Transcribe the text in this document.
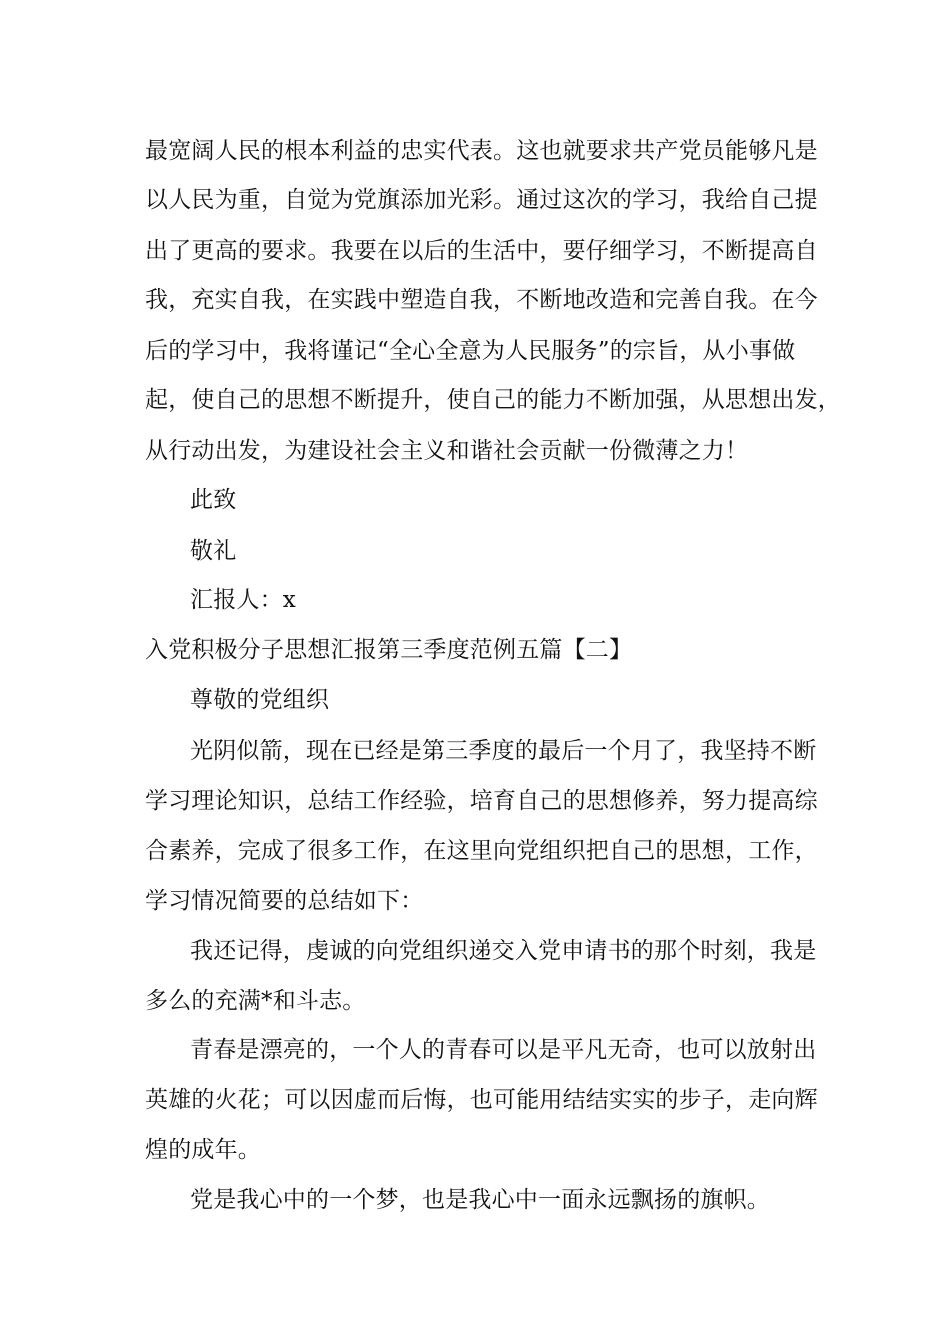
最宽阔人民的根本利益的忠实代表。这也就要求共产党员能够凡是
以人民为重，自觉为党旗添加光彩。通过这次的学习，我给自己提
出了更高的要求。我要在以后的生活中，要仔细学习，不断提高自
我，充实自我，在实践中塑造自我，不断地改造和完善自我。在今
后的学习中，我将谨记“全心全意为人民服务”的宗旨，从小事做
起，使自己的思想不断提升，使自己的能力不断加强，从思想出发，
从行动出发，为建设社会主义和谐社会贡献一份微薄之力！
此致
敬礼
汇报人：x
入党积极分子思想汇报第三季度范例五篇【二】
尊敬的党组织
光阴似箭，现在已经是第三季度的最后一个月了，我坚持不断
学习理论知识，总结工作经验，培育自己的思想修养，努力提高综
合素养，完成了很多工作，在这里向党组织把自己的思想，工作，
学习情况简要的总结如下：
我还记得，虔诚的向党组织递交入党申请书的那个时刻，我是
多么的充满*和斗志。
青春是漂亮的，一个人的青春可以是平凡无奇，也可以放射出
英雄的火花；可以因虚而后悔，也可能用结结实实的步子，走向辉
煌的成年。
党是我心中的一个梦，也是我心中一面永远飘扬的旗帜。
